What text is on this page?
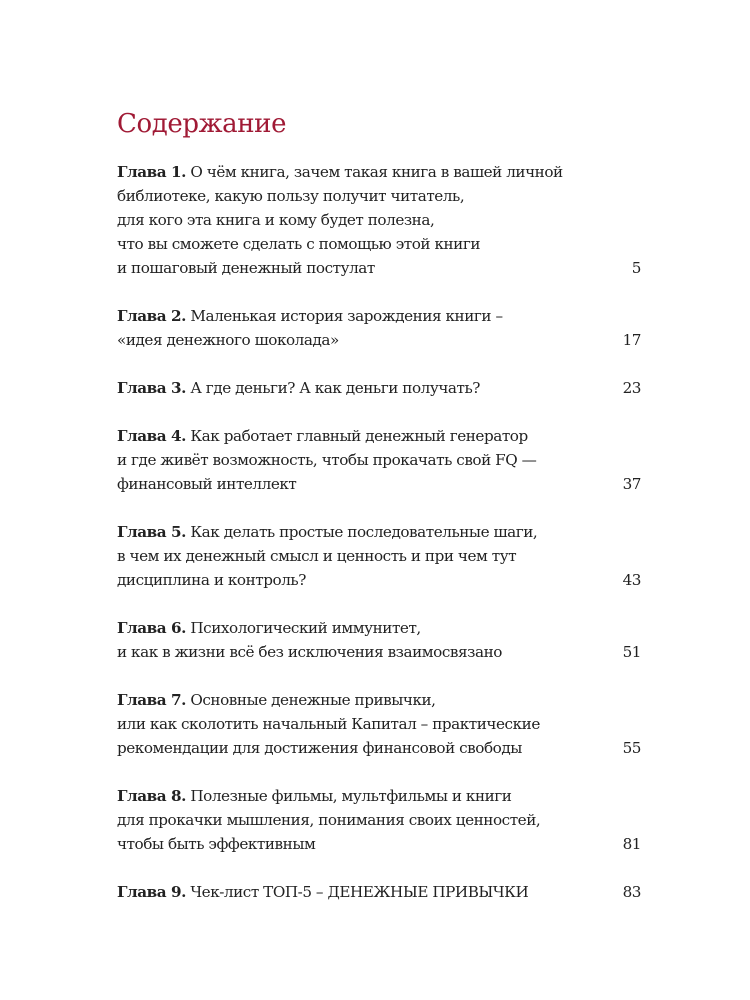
Содержание
Глава 1. О чём книга, зачем такая книга в вашей личной
библиотеке, какую пользу получит читатель,
для кого эта книга и кому будет полезна,
что вы сможете сделать с помощью этой книги
и пошаговый денежный постулат	5
Глава 2. Маленькая история зарождения книги –
«идея денежного шоколада»	17
Глава 3. А где деньги? А как деньги получать?	23
Глава 4. Как работает главный денежный генератор
и где живёт возможность, чтобы прокачать свой FQ —
финансовый интеллект	37
Глава 5. Как делать простые последовательные шаги,
в чем их денежный смысл и ценность и при чем тут
дисциплина и контроль?	43
Глава 6. Психологический иммунитет,
и как в жизни всё без исключения взаимосвязано	51
Глава 7. Основные денежные привычки,
или как сколотить начальный Капитал – практические
рекомендации для достижения финансовой свободы	55
Глава 8. Полезные фильмы, мультфильмы и книги
для прокачки мышления, понимания своих ценностей,
чтобы быть эффективным	81
Глава 9. Чек-лист ТОП-5 – ДЕНЕЖНЫЕ ПРИВЫЧКИ	83
